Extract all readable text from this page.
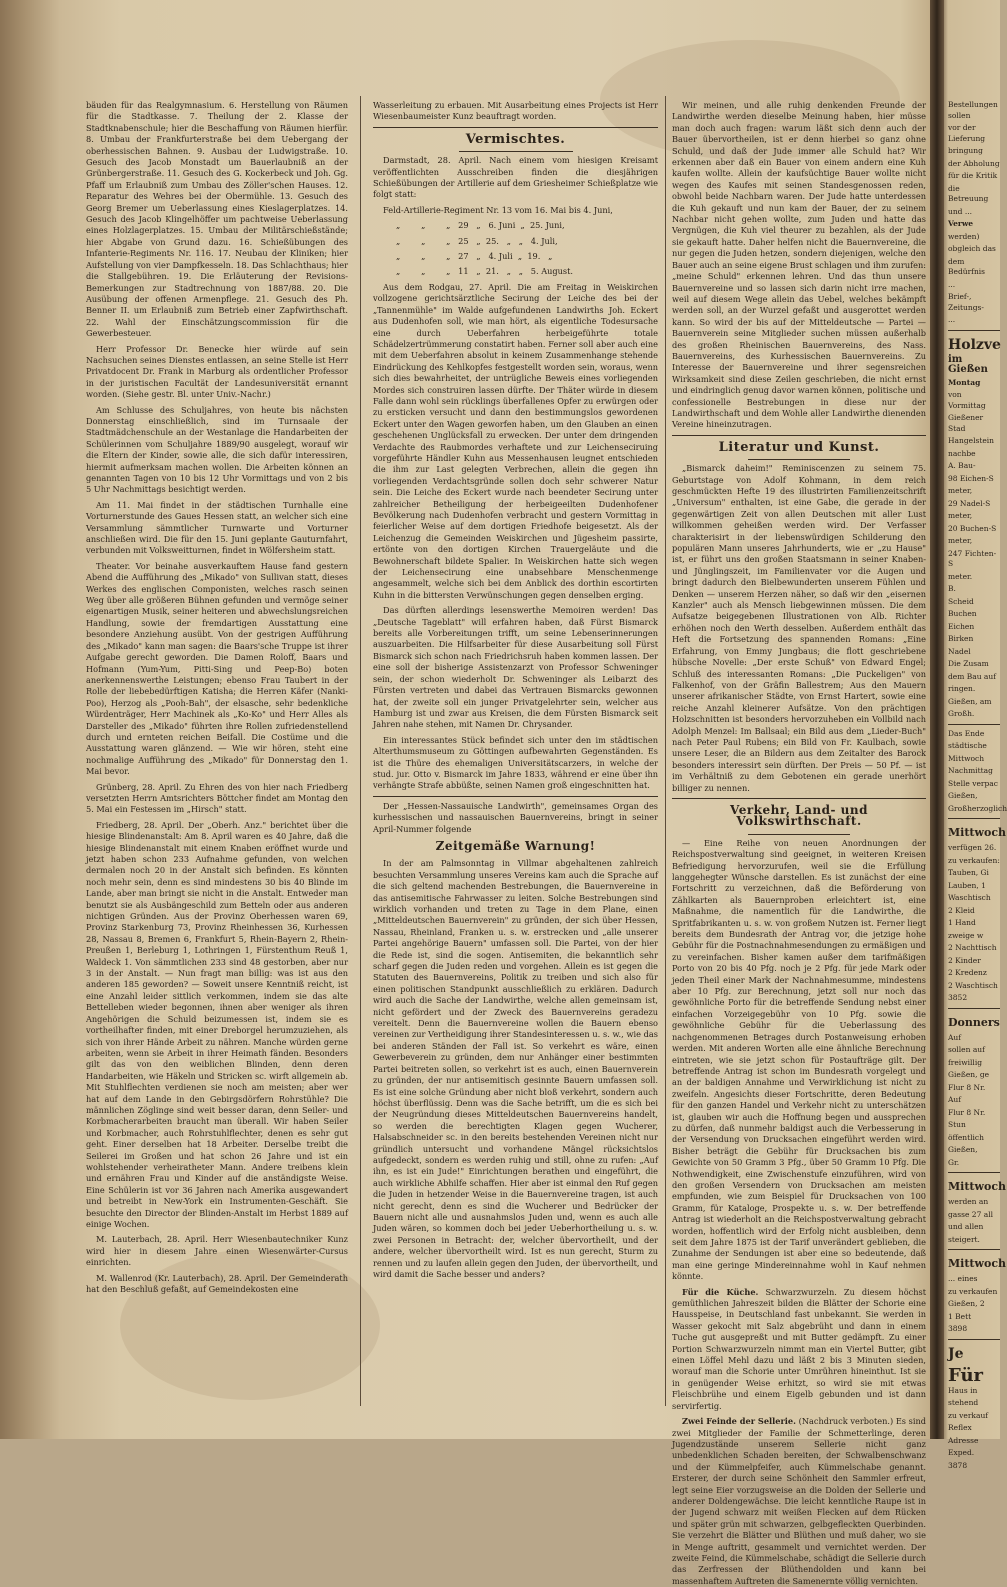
bäuden für das Realgymnasium. 6. Herstellung von Räumen für die Stadtkasse. 7. Theilung der 2. Klasse der Stadtknabenschule; hier die Beschaffung von Räumen hierfür. 8. Umbau der Frankfurterstraße bei dem Uebergang der oberhessischen Bahnen. 9. Ausbau der Ludwigstraße. 10. Gesuch des Jacob Monstadt um Bauerlaubniß an der Grünbergerstraße. 11. Gesuch des G. Kockerbeck und Joh. Gg. Pfaff um Erlaubniß zum Umbau des Zöller'schen Hauses. 12. Reparatur des Wehres bei der Obermühle. 13. Gesuch des Georg Bremer um Ueberlassung eines Kieslagerplatzes. 14. Gesuch des Jacob Klingelhöffer um pachtweise Ueberlassung eines Holzlagerplatzes. 15. Umbau der Militärschießstände; hier Abgabe von Grund dazu. 16. Schießübungen des Infanterie-Regiments Nr. 116. 17. Neubau der Kliniken; hier Aufstellung von vier Dampfkesseln. 18. Das Schlachthaus; hier die Stallgebühren. 19. Die Erläuterung der Revisions-Bemerkungen zur Stadtrechnung von 1887/88. 20. Die Ausübung der offenen Armenpflege. 21. Gesuch des Ph. Benner II. um Erlaubniß zum Betrieb einer Zapfwirthschaft. 22. Wahl der Einschätzungscommission für die Gewerbesteuer.

Herr Professor Dr. Benecke hier würde auf sein Nachsuchen seines Dienstes entlassen, an seine Stelle ist Herr Privatdocent Dr. Frank in Marburg als ordentlicher Professor in der juristischen Facultät der Landesuniversität ernannt worden. (Siehe gestr. Bl. unter Univ.-Nachr.)

Am Schlusse des Schuljahres, von heute bis nächsten Donnerstag einschließlich, sind im Turnsaale der Stadtmädchenschule an der Westanlage die Handarbeiten der Schülerinnen vom Schuljahre 1889/90 ausgelegt, worauf wir die Eltern der Kinder, sowie alle, die sich dafür interessiren, hiermit aufmerksam machen wollen. Die Arbeiten können an genannten Tagen von 10 bis 12 Uhr Vormittags und von 2 bis 5 Uhr Nachmittags besichtigt werden.

Am 11. Mai findet in der städtischen Turnhalle eine Vorturnerstunde des Gaues Hessen statt, an welcher sich eine Versammlung sämmtlicher Turnwarte und Vorturner anschließen wird. Die für den 15. Juni geplante Gauturnfahrt, verbunden mit Volksweitturnen, findet in Wölfersheim statt.

Theater. Vor beinahe ausverkauftem Hause fand gestern Abend die Aufführung des „Mikado" von Sullivan statt, dieses Werkes des englischen Componisten, welches rasch seinen Weg über alle größeren Bühnen gefunden und vermöge seiner eigenartigen Musik, seiner heiteren und abwechslungsreichen Handlung, sowie der fremdartigen Ausstattung eine besondere Anziehung ausübt. Von der gestrigen Aufführung des „Mikado" kann man sagen: die Baars'sche Truppe ist ihrer Aufgabe gerecht geworden. Die Damen Roloff, Baars und Hofmann (Yum-Yum, Pitti-Sing und Peep-Bo) boten anerkennenswerthe Leistungen; ebenso Frau Taubert in der Rolle der liebebedürftigen Katisha; die Herren Käfer (Nanki-Poo), Herzog als „Pooh-Bah", der elsasche, sehr bedenkliche Würdenträger, Herr Machinek als „Ko-Ko" und Herr Alles als Darsteller des „Mikado" führten ihre Rollen zufriedenstellend durch und ernteten reichen Beifall. Die Costüme und die Ausstattung waren glänzend. — Wie wir hören, steht eine nochmalige Aufführung des „Mikado" für Donnerstag den 1. Mai bevor.

Grünberg, 28. April. Zu Ehren des von hier nach Friedberg versetzten Herrn Amtsrichters Böttcher findet am Montag den 5. Mai ein Festessen im „Hirsch" statt.

Friedberg, 28. April. Der „Oberh. Anz." berichtet über die hiesige Blindenanstalt: Am 8. April waren es 40 Jahre, daß die hiesige Blindenanstalt mit einem Knaben eröffnet wurde und jetzt haben schon 233 Aufnahme gefunden, von welchen dermalen noch 20 in der Anstalt sich befinden. Es könnten noch mehr sein, denn es sind mindestens 30 bis 40 Blinde im Lande, aber man bringt sie nicht in die Anstalt. Entweder man benutzt sie als Ausbängeschild zum Betteln oder aus anderen nichtigen Gründen. Aus der Provinz Oberhessen waren 69, Provinz Starkenburg 73, Provinz Rheinhessen 36, Kurhessen 28, Nassau 8, Bremen 6, Frankfurt 5, Rhein-Bayern 2, Rhein-Preußen 1, Berleburg 1, Lothringen 1, Fürstenthum Reuß 1, Waldeck 1. Von sämmtlichen 233 sind 48 gestorben, aber nur 3 in der Anstalt. — Nun fragt man billig: was ist aus den anderen 185 geworden? — Soweit unsere Kenntniß reicht, ist eine Anzahl leider sittlich verkommen, indem sie das alte Bettelleben wieder begonnen, ihnen aber weniger als ihren Angehörigen die Schuld beizumessen ist, indem sie es vortheilhafter finden, mit einer Dreborgel herumzuziehen, als sich von ihrer Hände Arbeit zu nähren. Manche würden gerne arbeiten, wenn sie Arbeit in ihrer Heimath fänden. Besonders gilt das von den weiblichen Blinden, denn deren Handarbeiten, wie Häkeln und Stricken sc. wirft allgemein ab. Mit Stuhlflechten verdienen sie noch am meisten; aber wer hat auf dem Lande in den Gebirgsdörfern Rohrstühle? Die männlichen Zöglinge sind weit besser daran, denn Seiler- und Korbmacherarbeiten braucht man überall. Wir haben Seiler und Korbmacher, auch Rohrstuhlflechter, denen es sehr gut geht. Einer derselben hat 18 Arbeiter. Derselbe treibt die Seilerei im Großen und hat schon 26 Jahre und ist ein wohlstehender verheiratheter Mann. Andere treibens klein und ernähren Frau und Kinder auf die anständigste Weise. Eine Schülerin ist vor 36 Jahren nach Amerika ausgewandert und betreibt in New-York ein Instrumenten-Geschäft. Sie besuchte den Director der Blinden-Anstalt im Herbst 1889 auf einige Wochen.

M. Lauterbach, 28. April. Herr Wiesenbautechniker Kunz wird hier in diesem Jahre einen Wiesenwärter-Cursus einrichten.

M. Wallenrod (Kr. Lauterbach), 28. April. Der Gemeinderath hat den Beschluß gefaßt, auf Gemeindekosten eine

Wasserleitung zu erbauen. Mit Ausarbeitung eines Projects ist Herr Wiesenbaumeister Kunz beauftragt worden.

Vermischtes.

Darmstadt, 28. April. Nach einem vom hiesigen Kreisamt veröffentlichten Ausschreiben finden die diesjährigen Schießübungen der Artillerie auf dem Griesheimer Schießplatze wie folgt statt:

Feld-Artillerie-Regiment Nr. 13 vom 16. Mai bis 4. Juni,

„        „        „   29   „   6. Juni  „  25. Juni,

„        „        „   25   „  25.   „   „   4. Juli,

„        „        „   27   „   4. Juli  „  19.   „

„        „        „   11   „  21.   „   „   5. August.

Aus dem Rodgau, 27. April. Die am Freitag in Weiskirchen vollzogene gerichtsärztliche Secirung der Leiche des bei der „Tannenmühle" im Walde aufgefundenen Landwirths Joh. Eckert aus Dudenhofen soll, wie man hört, als eigentliche Todesursache eine durch Ueberfahren herbeigeführte totale Schädelzertrümmerung constatirt haben. Ferner soll aber auch eine mit dem Ueberfahren absolut in keinem Zusammenhange stehende Eindrückung des Kehlkopfes festgestellt worden sein, woraus, wenn sich dies bewahrheitet, der untrügliche Beweis eines vorliegenden Mordes sich construiren lassen dürfte. Der Thäter würde in diesem Falle dann wohl sein rücklings überfallenes Opfer zu erwürgen oder zu ersticken versucht und dann den bestimmungslos gewordenen Eckert unter den Wagen geworfen haben, um den Glauben an einen geschehenen Unglücksfall zu erwecken. Der unter dem dringenden Verdachte des Raubmordes verhaftete und zur Leichenseciruing vorgeführte Händler Kuhn aus Messenhausen leugnet entschieden die ihm zur Last gelegten Verbrechen, allein die gegen ihn vorliegenden Verdachtsgründe sollen doch sehr schwerer Natur sein. Die Leiche des Eckert wurde nach beendeter Secirung unter zahlreicher Betheiligung der herbeigeeilten Dudenhofener Bevölkerung nach Dudenhofen verbracht und gestern Vormittag in feierlicher Weise auf dem dortigen Friedhofe beigesetzt. Als der Leichenzug die Gemeinden Weiskirchen und Jügesheim passirte, ertönte von den dortigen Kirchen Trauergeläute und die Bewohnerschaft bildete Spalier. In Weiskirchen hatte sich wegen der Leichensecirung eine unabsehbare Menschenmenge angesammelt, welche sich bei dem Anblick des dorthin escortirten Kuhn in die bittersten Verwünschungen gegen denselben erging.

Das dürften allerdings lesenswerthe Memoiren werden! Das „Deutsche Tageblatt" will erfahren haben, daß Fürst Bismarck bereits alle Vorbereitungen trifft, um seine Lebenserinnerungen auszuarbeiten. Die Hilfsarbeiter für diese Ausarbeitung soll Fürst Bismarck sich schon nach Friedrichsruh haben kommen lassen. Der eine soll der bisherige Assistenzarzt von Professor Schweninger sein, der schon wiederholt Dr. Schweninger als Leibarzt des Fürsten vertreten und dabei das Vertrauen Bismarcks gewonnen hat, der zweite soll ein junger Privatgelehrter sein, welcher aus Hamburg ist und zwar aus Kreisen, die dem Fürsten Bismarck seit Jahren nahe stehen, mit Namen Dr. Chrysander.

Ein interessantes Stück befindet sich unter den im städtischen Alterthumsmuseum zu Göttingen aufbewahrten Gegenständen. Es ist die Thüre des ehemaligen Universitätscarzers, in welche der stud. jur. Otto v. Bismarck im Jahre 1833, während er eine über ihn verhängte Strafe abbüßte, seinen Namen groß eingeschnitten hat.

Der „Hessen-Nassauische Landwirth", gemeinsames Organ des kurhessischen und nassauischen Bauernvereins, bringt in seiner April-Nummer folgende

Zeitgemäße Warnung!

In der am Palmsonntag in Villmar abgehaltenen zahlreich besuchten Versammlung unseres Vereins kam auch die Sprache auf die sich geltend machenden Bestrebungen, die Bauernvereine in das antisemitische Fahrwasser zu leiten. Solche Bestrebungen sind wirklich vorhanden und treten zu Tage in dem Plane, einen „Mitteldeutschen Bauernverein" zu gründen, der sich über Hessen, Nassau, Rheinland, Franken u. s. w. erstrecken und „alle unserer Partei angehörige Bauern" umfassen soll. Die Partei, von der hier die Rede ist, sind die sogen. Antisemiten, die bekanntlich sehr scharf gegen die Juden reden und vorgehen. Allein es ist gegen die Statuten des Bauernvereins, Politik zu treiben und sich also für einen politischen Standpunkt ausschließlich zu erklären. Dadurch wird auch die Sache der Landwirthe, welche allen gemeinsam ist, nicht gefördert und der Zweck des Bauernvereins geradezu vereitelt. Denn die Bauernvereine wollen die Bauern ebenso vereinen zur Vertheidigung ihrer Standesinteressen u. s. w., wie das bei anderen Ständen der Fall ist. So verkehrt es wäre, einen Gewerbeverein zu gründen, dem nur Anhänger einer bestimmten Partei beitreten sollen, so verkehrt ist es auch, einen Bauernverein zu gründen, der nur antisemitisch gesinnte Bauern umfassen soll. Es ist eine solche Gründung aber nicht bloß verkehrt, sondern auch höchst überflüssig. Denn was die Sache betrifft, um die es sich bei der Neugründung dieses Mitteldeutschen Bauernvereins handelt, so werden die berechtigten Klagen gegen Wucherer, Halsabschneider sc. in den bereits bestehenden Vereinen nicht nur gründlich untersucht und vorhandene Mängel rücksichtslos aufgedeckt, sondern es werden ruhig und still, ohne zu rufen: „Auf ihn, es ist ein Jude!" Einrichtungen berathen und eingeführt, die auch wirkliche Abhilfe schaffen. Hier aber ist einmal den Ruf gegen die Juden in hetzender Weise in die Bauernvereine tragen, ist auch nicht gerecht, denn es sind die Wucherer und Bedrücker der Bauern nicht alle und ausnahmslos Juden und, wenn es auch alle Juden wären, so kommen doch bei jeder Ueberhortheilung u. s. w. zwei Personen in Betracht: der, welcher übervortheilt, und der andere, welcher übervortheilt wird. Ist es nun gerecht, Sturm zu rennen und zu laufen allein gegen den Juden, der übervortheilt, und wird damit die Sache besser und anders?

Wir meinen, und alle ruhig denkenden Freunde der Landwirthe werden dieselbe Meinung haben, hier müsse man doch auch fragen: warum läßt sich denn auch der Bauer übervortheilen, ist er denn hierbei so ganz ohne Schuld, und daß der Jude immer alle Schuld hat? Wir erkennen aber daß ein Bauer von einem andern eine Kuh kaufen wollte. Allein der kaufsüchtige Bauer wollte nicht wegen des Kaufes mit seinen Standesgenossen reden, obwohl beide Nachbarn waren. Der Jude hatte unterdessen die Kuh gekauft und nun kam der Bauer, der zu seinem Nachbar nicht gehen wollte, zum Juden und hatte das Vergnügen, die Kuh viel theurer zu bezahlen, als der Jude sie gekauft hatte. Daher helfen nicht die Bauernvereine, die nur gegen die Juden hetzen, sondern diejenigen, welche den Bauer auch an seine eigene Brust schlagen und ihm zurufen: „meine Schuld" erkennen lehren. Und das thun unsere Bauernvereine und so lassen sich darin nicht irre machen, weil auf diesem Wege allein das Uebel, welches bekämpft werden soll, an der Wurzel gefaßt und ausgerottet werden kann. So wird der bis auf der Mitteldeutsche — Partei — Bauernverein seine Mitglieder suchen müssen außerhalb des großen Rheinischen Bauernvereins, des Nass. Bauernvereins, des Kurhessischen Bauernvereins. Zu Interesse der Bauernvereine und ihrer segensreichen Wirksamkeit sind diese Zeilen geschrieben, die nicht ernst und eindringlich genug davor warnen können, politische und confessionelle Bestrebungen in diese nur der Landwirthschaft und dem Wohle aller Landwirthe dienenden Vereine hineinzutragen.

Literatur und Kunst.

„Bismarck daheim!" Reminiscenzen zu seinem 75. Geburtstage von Adolf Kohmann, in dem reich geschmückten Hefte 19 des illustrirten Familienzeitschrift „Universum" enthalten, ist eine Gabe, die gerade in der gegenwärtigen Zeit von allen Deutschen mit aller Lust willkommen geheißen werden wird. Der Verfasser charakterisirt in der liebenswürdigen Schilderung den populären Mann unseres Jahrhunderts, wie er „zu Hause" ist, er führt uns den großen Staatsmann in seiner Knaben- und Jünglingszeit, im Familienvater vor die Augen und bringt dadurch den Bielbewunderten unserem Fühlen und Denken — unserem Herzen näher, so daß wir den „eisernen Kanzler" auch als Mensch liebgewinnen müssen. Die dem Aufsatze beigegebenen Illustrationen von Alb. Richter erhöhen noch den Werth desselben. Außerdem enthält das Heft die Fortsetzung des spannenden Romans: „Eine Erfahrung, von Emmy Jungbaus; die flott geschriebene hübsche Novelle: „Der erste Schuß" von Edward Engel; Schluß des interessanten Romans: „Die Puckeligen" von Falkenhof, von der Gräfin Ballestrem; Aus den Mauern unserer afrikanischer Städte, von Ernst Hartert, sowie eine reiche Anzahl kleinerer Aufsätze. Von den prächtigen Holzschnitten ist besonders hervorzuheben ein Vollbild nach Adolph Menzel: Im Ballsaal; ein Bild aus dem „Lieder-Buch" nach Peter Paul Rubens; ein Bild von Fr. Kaulbach, sowie unsere Leser, die an Bildern aus dem Zeitalter des Barock besonders interessirt sein dürften. Der Preis — 50 Pf. — ist im Verhältniß zu dem Gebotenen ein gerade unerhört billiger zu nennen.

Verkehr, Land- und Volkswirthschaft.

— Eine Reihe von neuen Anordnungen der Reichspostverwaltung sind geeignet, in weiteren Kreisen Befriedigung hervorzurufen, weil sie die Erfüllung langgehegter Wünsche darstellen. Es ist zunächst der eine Fortschritt zu verzeichnen, daß die Beförderung von Zählkarten als Bauernproben erleichtert ist, eine Maßnahme, die namentlich für die Landwirthe, die Spritfabrikanten u. s. w. von großem Nutzen ist. Ferner liegt bereits dem Bundesrath der Antrag vor, die jetzige hohe Gebühr für die Postnachnahmesendungen zu ermäßigen und zu vereinfachen. Bisher kamen außer dem tarifmäßigen Porto von 20 bis 40 Pfg. noch je 2 Pfg. für jede Mark oder jeden Theil einer Mark der Nachnahmesumme, mindestens aber 10 Pfg. zur Berechnung, jetzt soll nur noch das gewöhnliche Porto für die betreffende Sendung nebst einer einfachen Vorzeigegebühr von 10 Pfg. sowie die gewöhnliche Gebühr für die Ueberlassung des nachgenommenen Betrages durch Postanweisung erhoben werden. Mit anderen Worten alle eine ähnliche Berechnung eintreten, wie sie jetzt schon für Postaufträge gilt. Der betreffende Antrag ist schon im Bundesrath vorgelegt und an der baldigen Annahme und Verwirklichung ist nicht zu zweifeln. Angesichts dieser Fortschritte, deren Bedeutung für den ganzen Handel und Verkehr nicht zu unterschätzen ist, glauben wir auch die Hoffnung begen und aussprechen zu dürfen, daß nunmehr baldigst auch die Verbesserung in der Versendung von Drucksachen eingeführt werden wird. Bisher beträgt die Gebühr für Drucksachen bis zum Gewichte von 50 Gramm 3 Pfg., über 50 Gramm 10 Pfg. Die Nothwendigkeit, eine Zwischenstufe einzuführen, wird von den großen Versendern von Drucksachen am meisten empfunden, wie zum Beispiel für Drucksachen von 100 Gramm, für Kataloge, Prospekte u. s. w. Der betreffende Antrag ist wiederholt an die Reichspostverwaltung gebracht worden, hoffentlich wird der Erfolg nicht ausbleiben, denn seit dem Jahre 1875 ist der Tarif unverändert geblieben, die Zunahme der Sendungen ist aber eine so bedeutende, daß man eine geringe Mindereinnahme wohl in Kauf nehmen könnte.

Für die Küche. Schwarzwurzeln. Zu diesem höchst gemüthlichen Jahreszeit bilden die Blätter der Schorie eine Hausspeise, in Deutschland fast unbekannt. Sie werden in Wasser gekocht mit Salz abgebrüht und dann in einem Tuche gut ausgepreßt und mit Butter gedämpft. Zu einer Portion Schwarzwurzeln nimmt man ein Viertel Butter, gibt einen Löffel Mehl dazu und läßt 2 bis 3 Minuten sieden, worauf man die Schorie unter Umrühren hineinthut. Ist sie in genügender Weise erhitzt, so wird sie mit etwas Fleischbrühe und einem Eigelb gebunden und ist dann servirfertig.

Zwei Feinde der Sellerie. (Nachdruck verboten.) Es sind zwei Mitglieder der Familie der Schmetterlinge, deren Jugendzustände unserem Sellerie nicht ganz unbedenklichen Schaden bereiten, der Schwalbenschwanz und der Kümmelpfeifer, auch Kümmelschabe genannt. Ersterer, der durch seine Schönheit den Sammler erfreut, legt seine Eier vorzugsweise an die Dolden der Sellerie und anderer Doldengewächse. Die leicht kenntliche Raupe ist in der Jugend schwarz mit weißen Flecken auf dem Rücken und später grün mit schwarzen, gelbgefleckten Querbinden. Sie verzehrt die Blätter und Blüthen und muß daher, wo sie in Menge auftritt, gesammelt und vernichtet werden. Der zweite Feind, die Kümmelschabe, schädigt die Sellerie durch das Zerfressen der Blüthendolden und kann bei massenhaftem Auftreten die Samenernte völlig vernichten.

Bestellungen sollen

vor der Lieferung

bringung

der Abholung

für die Kritik

die Betreuung

und ...

Verwe

werden)

obgleich das

dem Bedürfnis

...

Brief-, Zeitungs-

...

Holzve

im Gießen

Montag

von Vormittag

Gießener Stad

Hangelstein

nachbe

A. Bau-

98 Eichen-S

meter,

29 Nadel-S

meter,

20 Buchen-S

meter,

247 Fichten-S

meter.

B.

Scheid

Buchen

Eichen

Birken

Nadel

Die Zusam

dem Bau auf

ringen.

Gießen, am

Großh.

Das Ende

städtische

Mittwoch

Nachmittag

Stelle verpac

Gießen,

Großherzoglich

Mittwoch

verfügen 26.

zu verkaufen:

Tauben, Gi

Lauben, 1

Waschtisch

2 Kleid

1 Hand

zweige w

2 Nachttisch

2 Kinder

2 Kredenz

2 Waschtisch

3852

Donners

Auf

sollen auf

freiwillig

Gießen, ge

Flur 8 Nr.

Auf

Flur 8 Nr.

Stun

öffentlich

Gießen,

Gr.

Mittwoch

werden an

gasse 27 all

und allen

steigert.

Mittwoch

... eines

zu verkaufen

Gießen, 2

1 Bett

3898

Je

Für

Haus in

stehend

zu verkauf

Reflex

Adresse

Exped.

3878
